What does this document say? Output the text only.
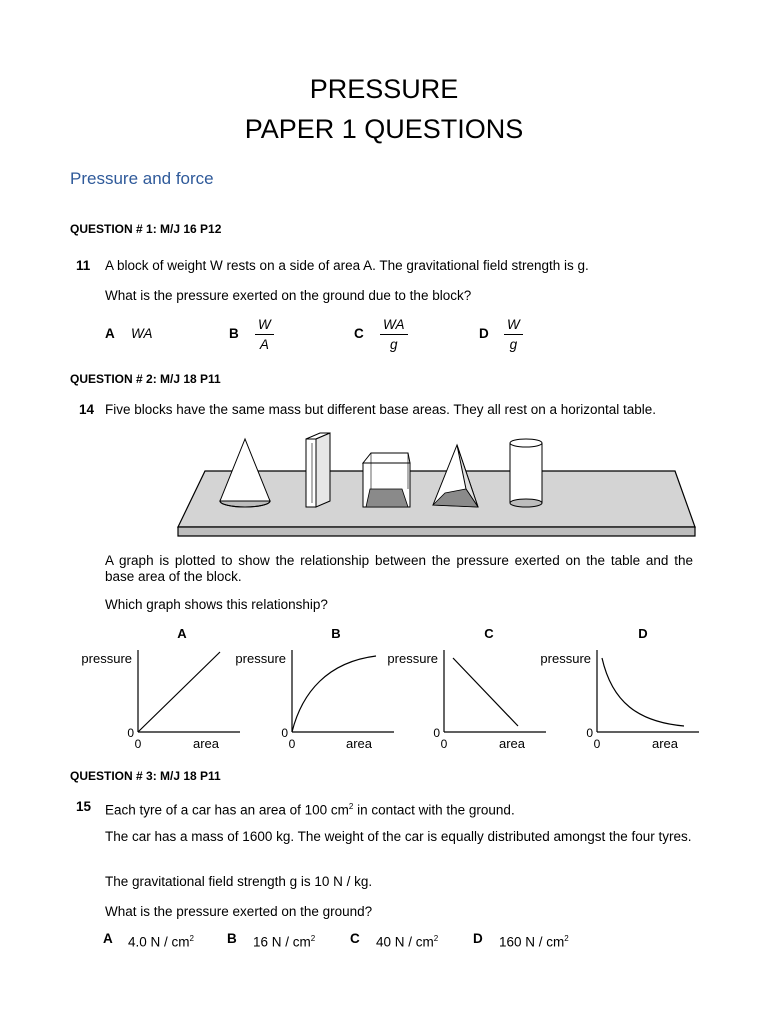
PRESSURE
PAPER 1 QUESTIONS
Pressure and force
QUESTION # 1: M/J 16 P12
11 A block of weight W rests on a side of area A. The gravitational field strength is g.
What is the pressure exerted on the ground due to the block?
A WA	B $\frac{W}{A}$	C $\frac{WA}{g}$	D $\frac{W}{g}$
QUESTION # 2: M/J 18 P11
14 Five blocks have the same mass but different base areas. They all rest on a horizontal table.
A graph is plotted to show the relationship between the pressure exerted on the table and the base area of the block.
Which graph shows this relationship?
A
pressure
0
0	area
B
pressure
0
0	area
C
pressure
0
0	area
D
pressure
0
0	area
QUESTION # 3: M/J 18 P11
15 Each tyre of a car has an area of 100 $cm^2$ in contact with the ground.
The car has a mass of 1600 kg. The weight of the car is equally distributed amongst the four tyres.
The gravitational field strength g is 10 N / kg.
What is the pressure exerted on the ground?
A 4.0 N / $cm^2$ B 16 N / $cm^2$	C 40 N / $cm^2$	D 160 N / $cm^2$
